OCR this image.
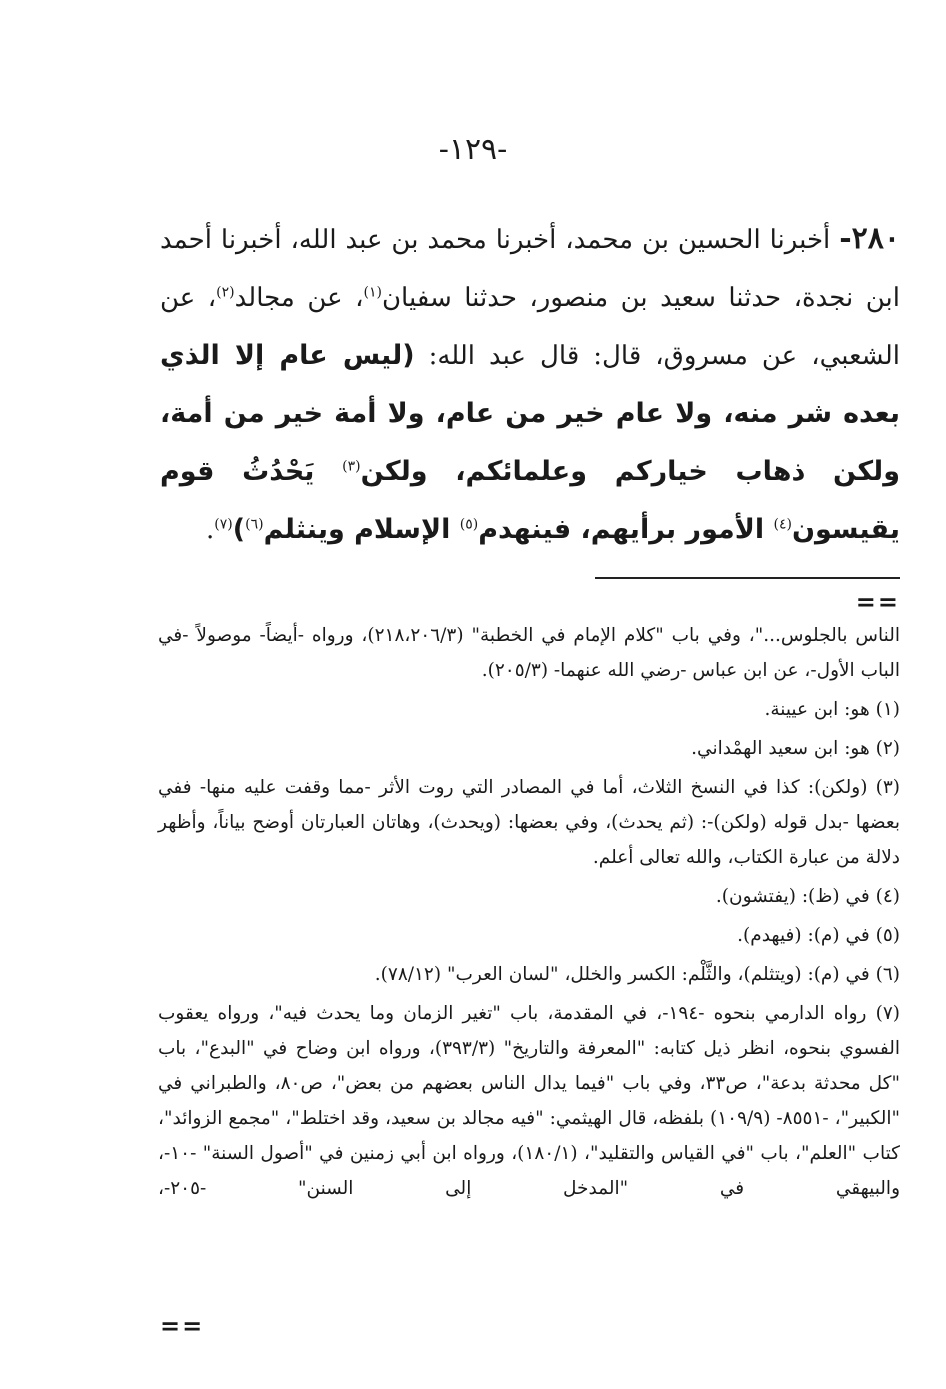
-١٢٩-
٢٨٠- أخبرنا الحسين بن محمد، أخبرنا محمد بن عبد الله، أخبرنا أحمد ابن نجدة، حدثنا سعيد بن منصور، حدثنا سفيان$^{(١)}$، عن مجالد$^{(٢)}$، عن الشعبي، عن مسروق، قال: قال عبد الله: (ليس عام إلا الذي بعده شر منه، ولا عام خير من عام، ولا أمة خير من أمة، ولكن ذهاب خياركم وعلمائكم، ولكن$^{(٣)}$ يَحْدُثُ قوم يقيسون$^{(٤)}$ الأمور برأيهم، فينهدم$^{(٥)}$ الإسلام وينثلم$^{(٦)}$)$^{(٧)}$.
==
الناس بالجلوس..."، وفي باب "كلام الإمام في الخطبة" (٢١٨،٢٠٦/٣)، ورواه -أيضاً- موصولاً -في الباب الأول-، عن ابن عباس -رضي الله عنهما- (٢٠٥/٣).
(١) هو: ابن عيينة.
(٢) هو: ابن سعيد الهمْداني.
(٣) (ولكن): كذا في النسخ الثلاث، أما في المصادر التي روت الأثر -مما وقفت عليه منها- ففي بعضها -بدل قوله (ولكن)-: (ثم يحدث)، وفي بعضها: (ويحدث)، وهاتان العبارتان أوضح بياناً، وأظهر دلالة من عبارة الكتاب، والله تعالى أعلم.
(٤) في (ظ): (يفتشون).
(٥) في (م): (فيهدم).
(٦) في (م): (ويتثلم)، والثَّلْم: الكسر والخلل، "لسان العرب" (٧٨/١٢).
(٧) رواه الدارمي بنحوه -١٩٤-، في المقدمة، باب "تغير الزمان وما يحدث فيه"، ورواه يعقوب الفسوي بنحوه، انظر ذيل كتابه: "المعرفة والتاريخ" (٣٩٣/٣)، ورواه ابن وضاح في "البدع"، باب "كل محدثة بدعة"، ص٣٣، وفي باب "فيما يدال الناس بعضهم من بعض"، ص٨٠، والطبراني في "الكبير"، -٨٥٥١- (١٠٩/٩) بلفظه، قال الهيثمي: "فيه مجالد بن سعيد، وقد اختلط"، "مجمع الزوائد"، كتاب "العلم"، باب "في القياس والتقليد"، (١٨٠/١)، ورواه ابن أبي زمنين في "أصول السنة" -١٠-، والبيهقي في "المدخل إلى السنن" -٢٠٥-،
==
